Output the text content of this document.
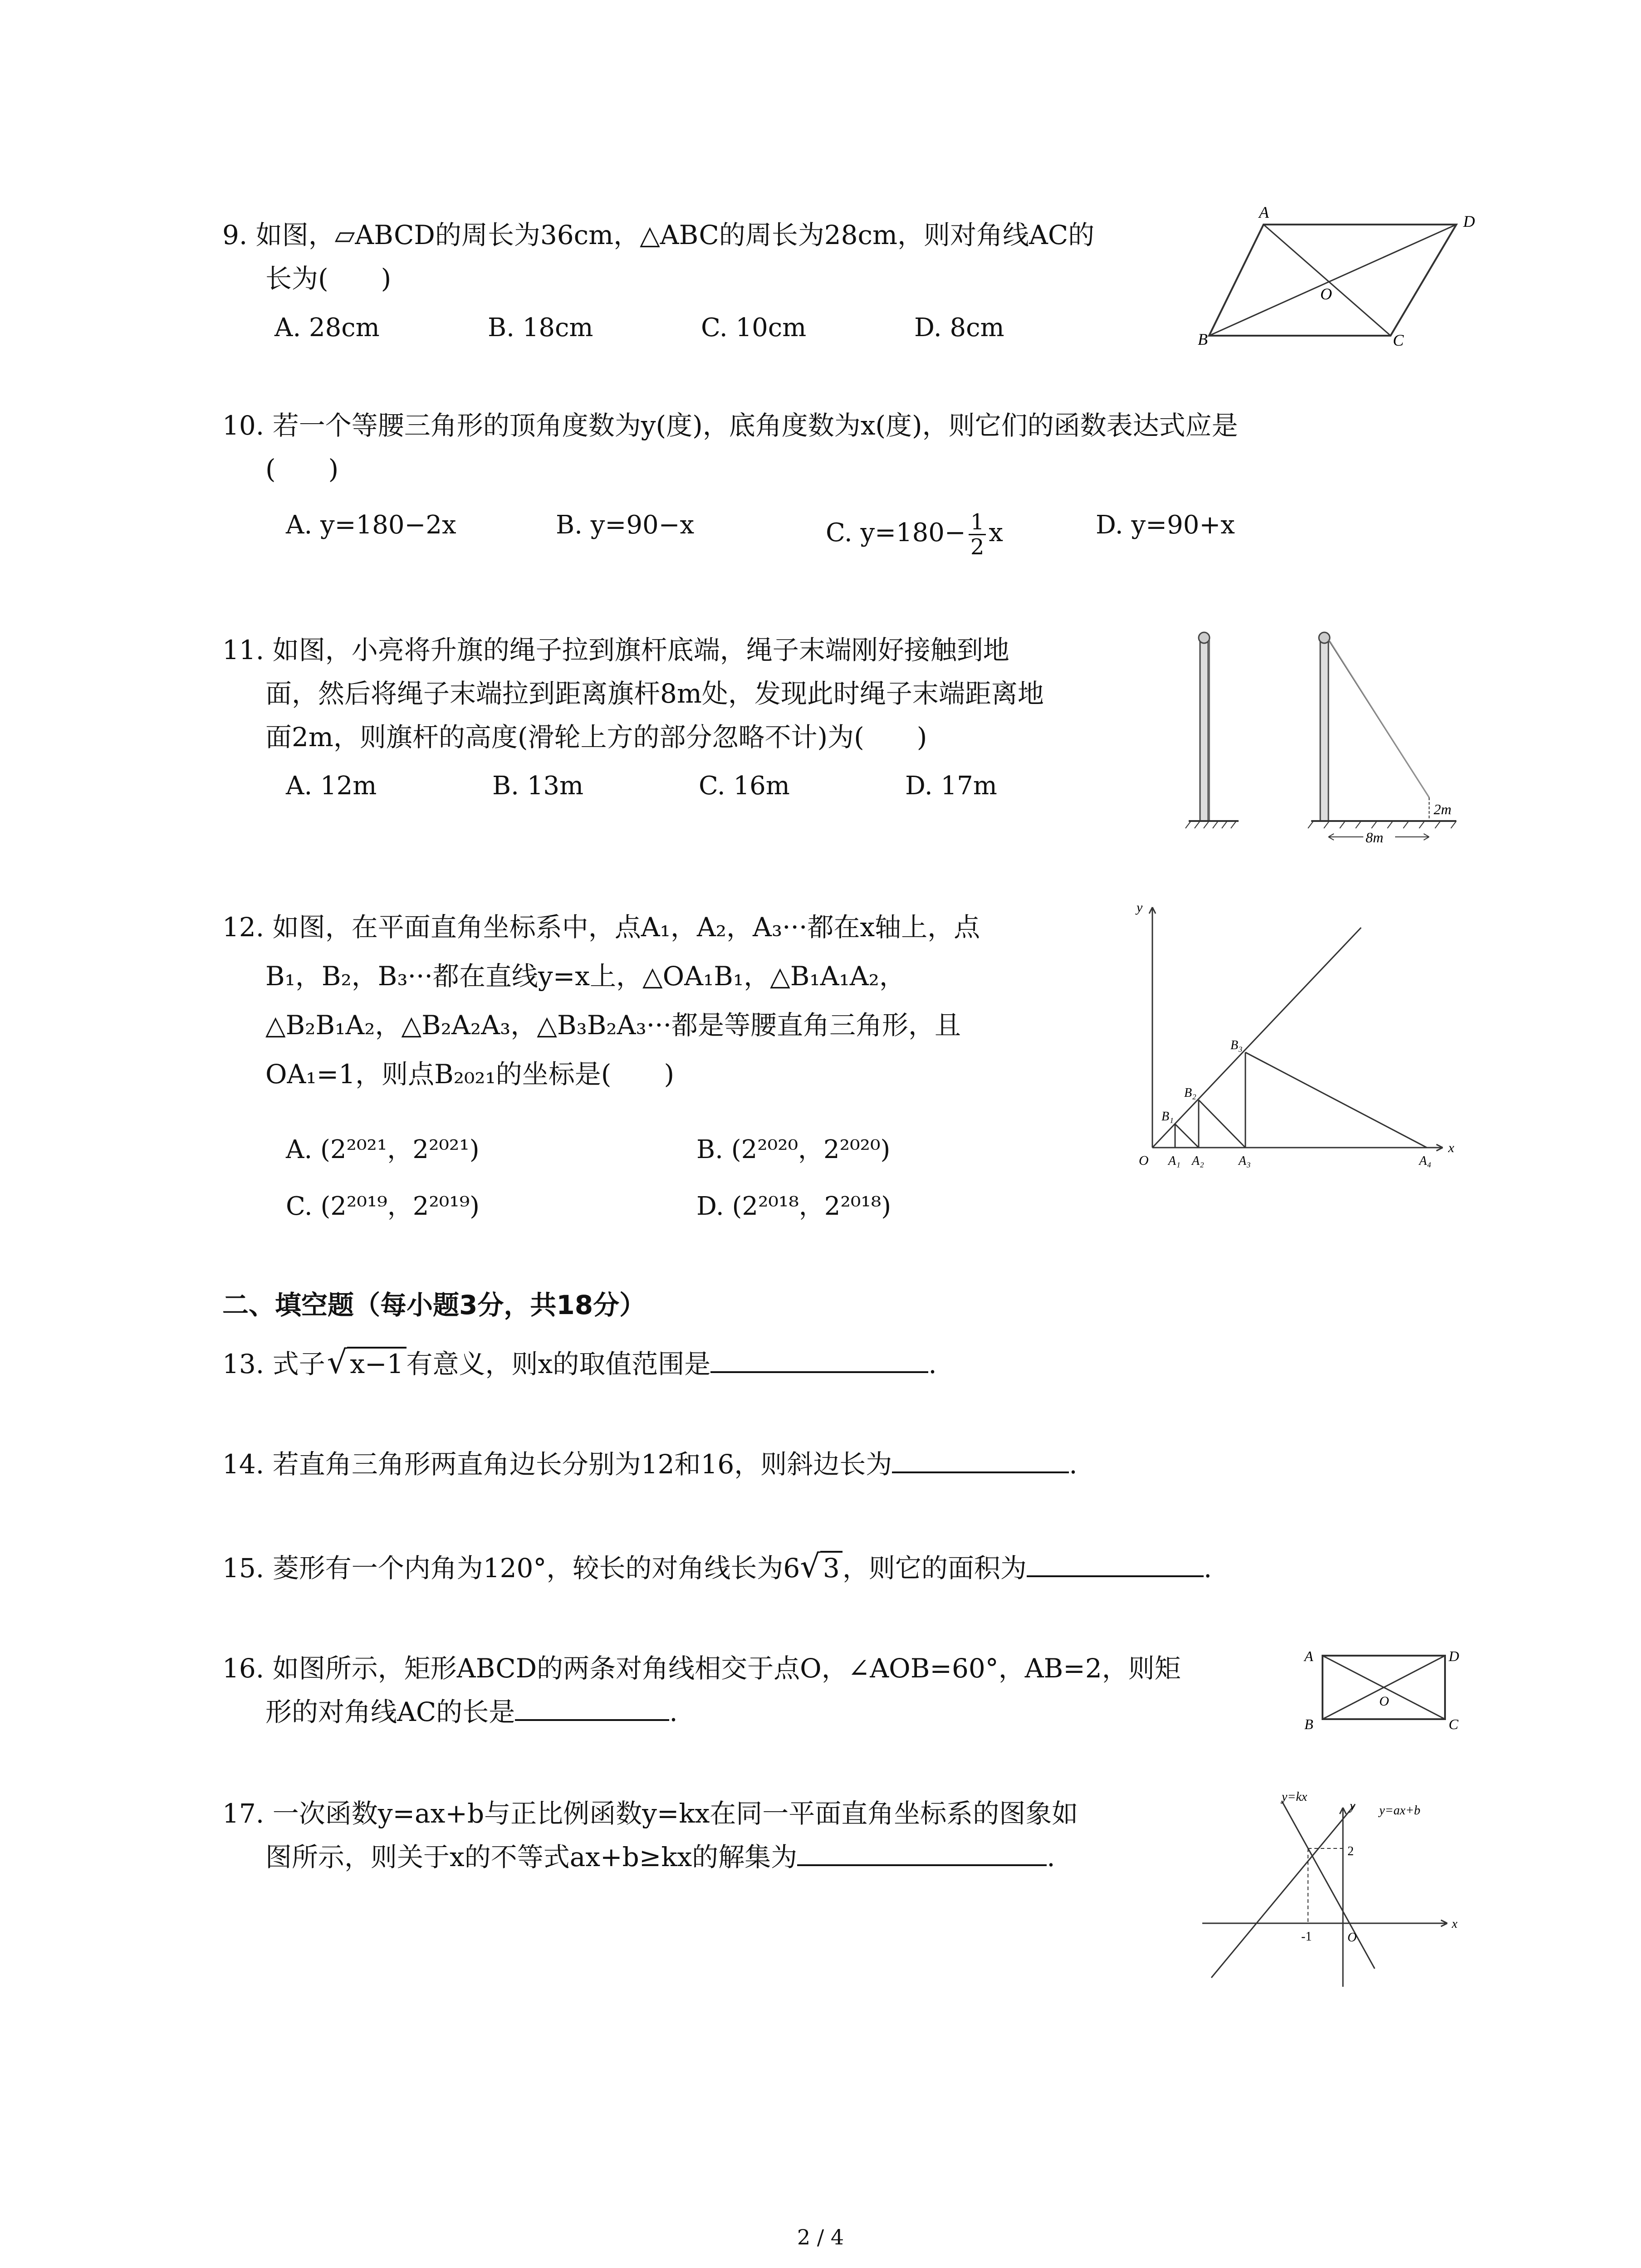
9. 如图，▱ABCD的周长为36cm，△ABC的周长为28cm，则对角线AC的
长为(　　)
A. 28cm	B. 18cm	C. 10cm	D. 8cm
A	D
B	C
O
10. 若一个等腰三角形的顶角度数为y(度)，底角度数为x(度)，则它们的函数表达式应是
(　　)
A. y=180−2x	B. y=90−x	C. $y=180- \frac{1}{2}$ x	D. y=90+x
11. 如图，小亮将升旗的绳子拉到旗杆底端，绳子末端刚好接触到地
面，然后将绳子末端拉到距离旗杆8m处，发现此时绳子末端距离地
面2m，则旗杆的高度(滑轮上方的部分忽略不计)为(　　)
A. 12m	B. 13m	C. 16m	D. 17m
2m
8m
12. 如图，在平面直角坐标系中，点A₁，A₂，A₃···都在x轴上，点
B₁，B₂，B₃···都在直线y=x上，△OA₁B₁，△B₁A₁A₂，
△B₂B₁A₂，△B₂A₂A₃，△B₃B₂A₃···都是等腰直角三角形，且
OA₁=1，则点B₂₀₂₁的坐标是(　　)
A. (2²⁰²¹，2²⁰²¹)	B. (2²⁰²⁰，2²⁰²⁰)
C. (2²⁰¹⁹，2²⁰¹⁹)	D. (2²⁰¹⁸，2²⁰¹⁸)
y
x
O A₁ A₂	A₃	A₄
B₁
B₂
B₃
二、填空题（每小题3分，共18分）
13. 式子√ x−1 有意义，则x的取值范围是	.
14. 若直角三角形两直角边长分别为12和16，则斜边长为	.
15. 菱形有一个内角为120°，较长的对角线长为6√ 3 ，则它的面积为	.
16. 如图所示，矩形ABCD的两条对角线相交于点O，∠AOB=60°，AB=2，则矩
形的对角线AC的长是	.
A	D
B	C
O
17. 一次函数y=ax+b与正比例函数y=kx在同一平面直角坐标系的图象如
图所示，则关于x的不等式ax+b≥kx的解集为	.
y=kx
y=ax+b
y
x
2
-1	O
2 / 4
